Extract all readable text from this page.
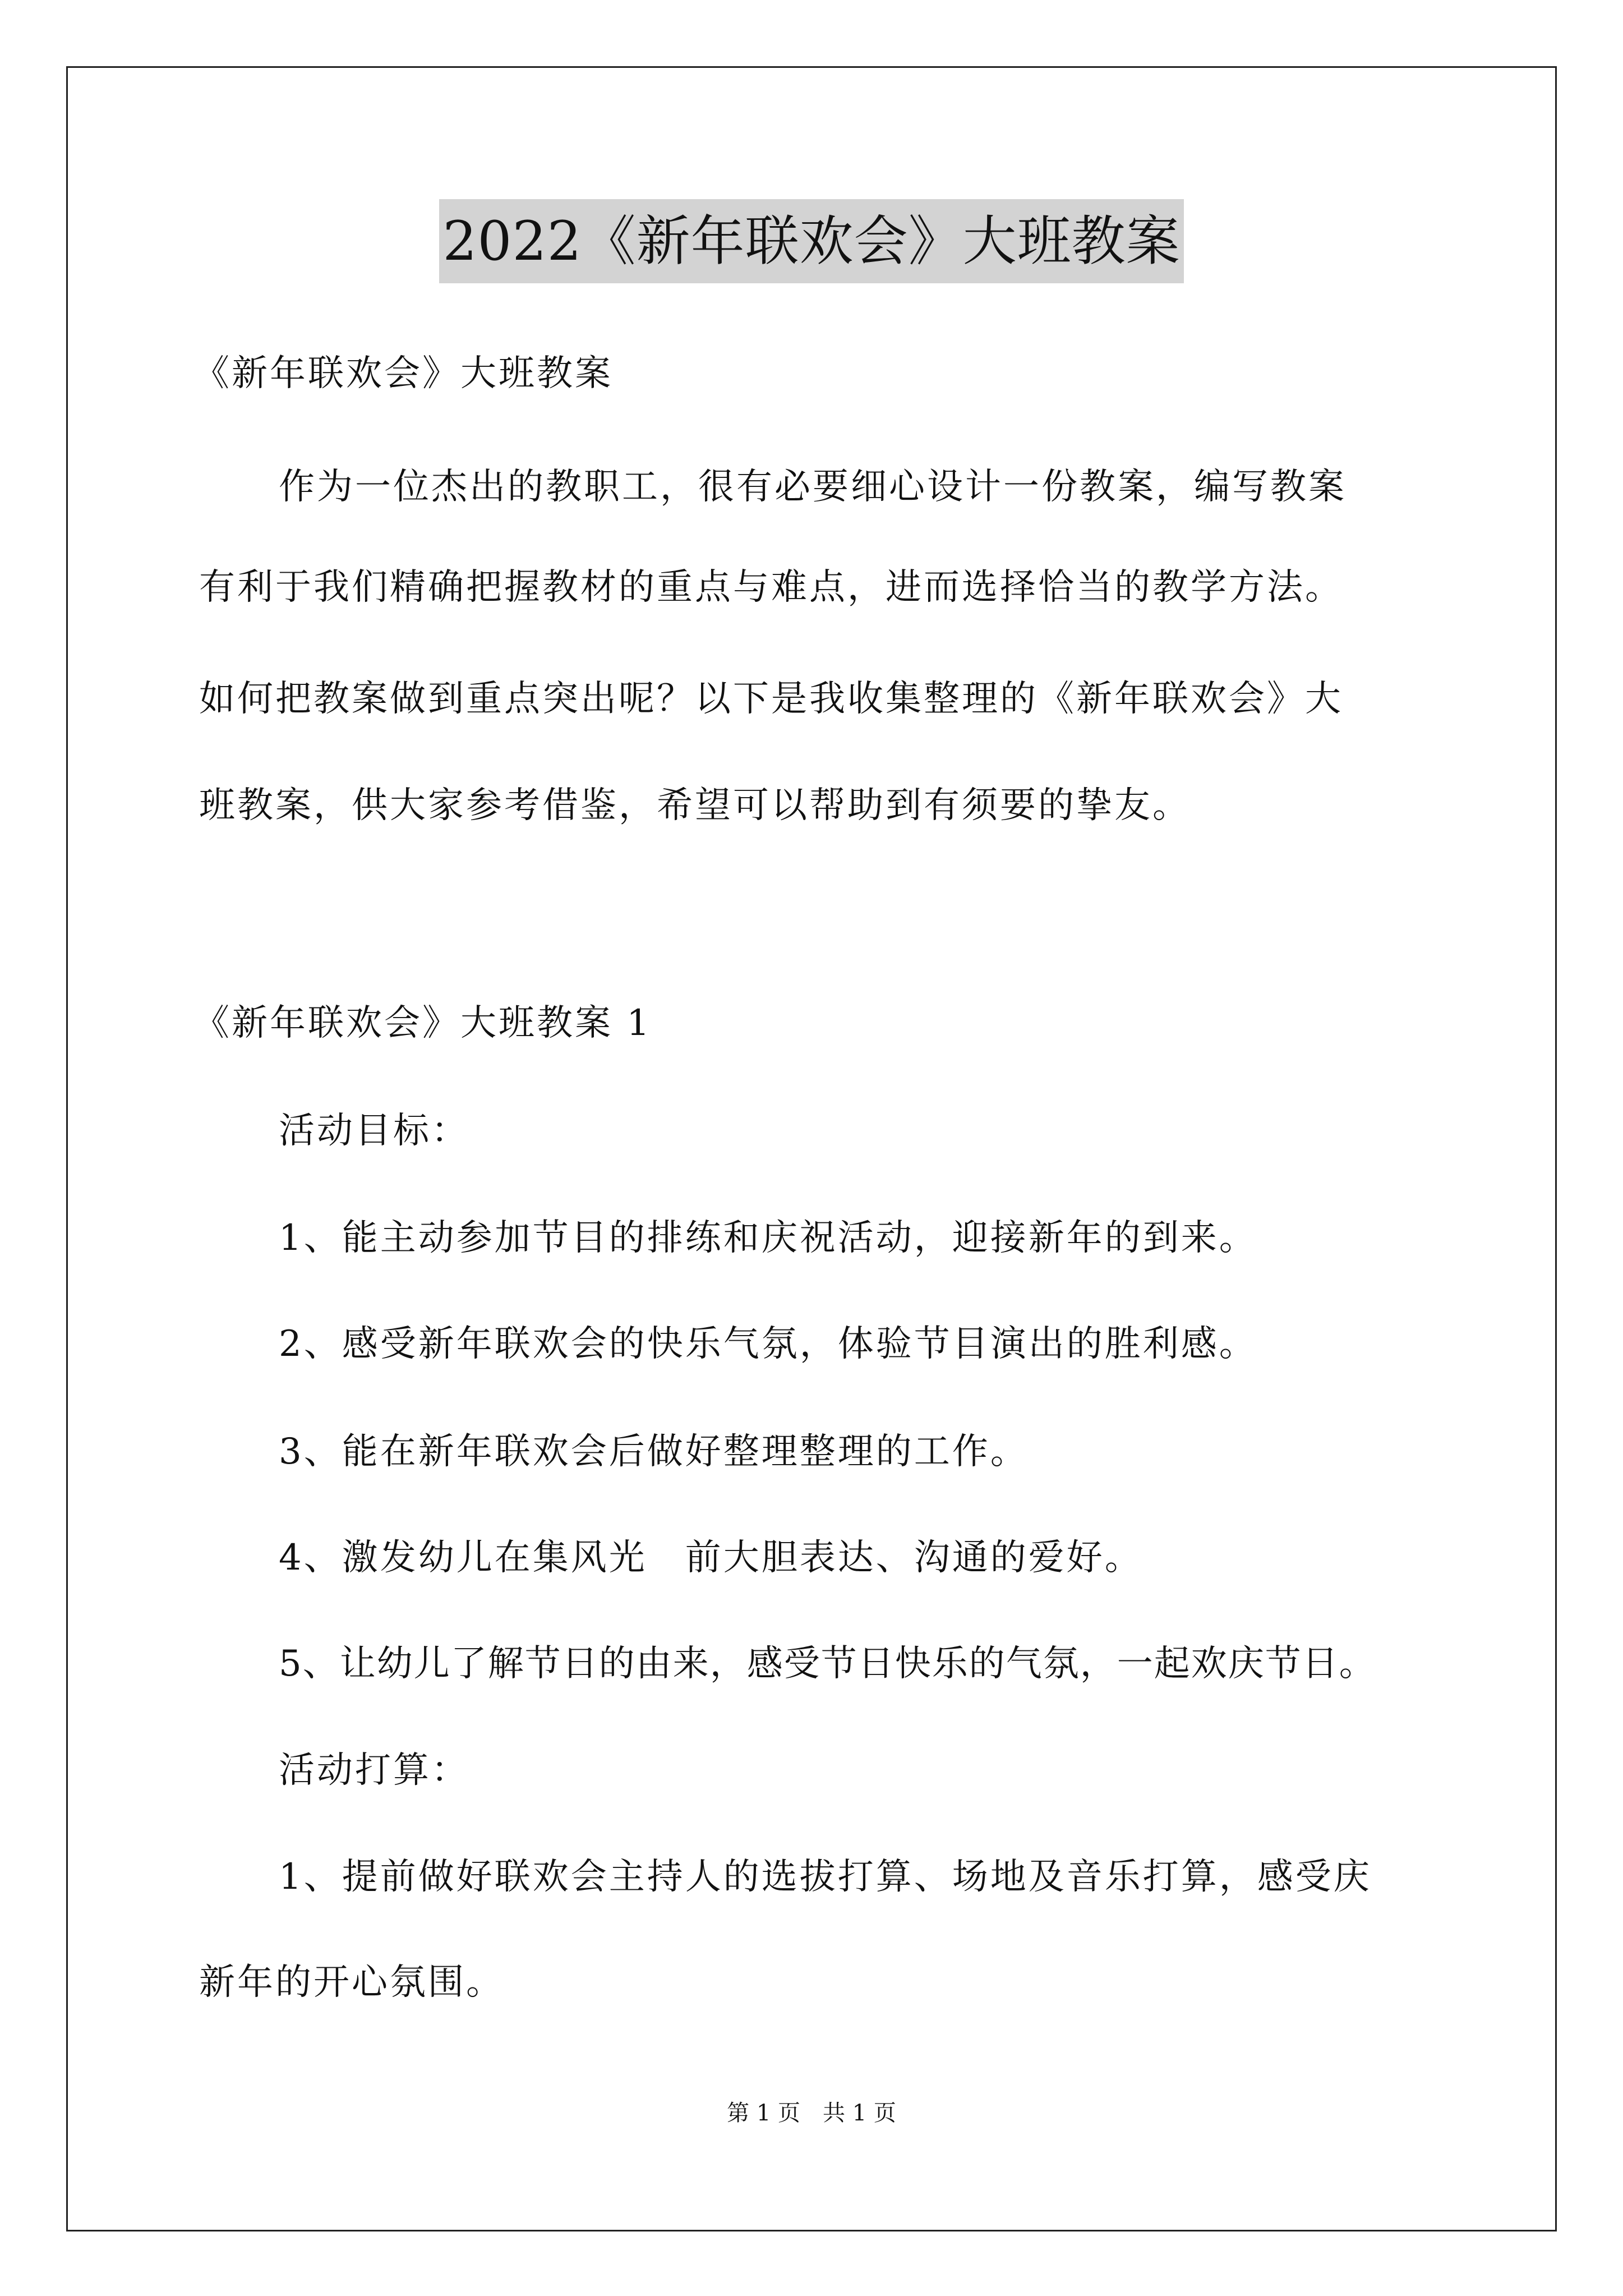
2022《新年联欢会》大班教案

《新年联欢会》大班教案

作为一位杰出的教职工，很有必要细心设计一份教案，编写教案

有利于我们精确把握教材的重点与难点，进而选择恰当的教学方法。

如何把教案做到重点突出呢？以下是我收集整理的《新年联欢会》大

班教案，供大家参考借鉴，希望可以帮助到有须要的挚友。

《新年联欢会》大班教案 1

活动目标：

1、能主动参加节目的排练和庆祝活动，迎接新年的到来。

2、感受新年联欢会的快乐气氛，体验节目演出的胜利感。

3、能在新年联欢会后做好整理整理的工作。

4、激发幼儿在集风光　前大胆表达、沟通的爱好。

5、让幼儿了解节日的由来，感受节日快乐的气氛，一起欢庆节日。

活动打算：

1、提前做好联欢会主持人的选拔打算、场地及音乐打算，感受庆

新年的开心氛围。

第 1 页　共 1 页
